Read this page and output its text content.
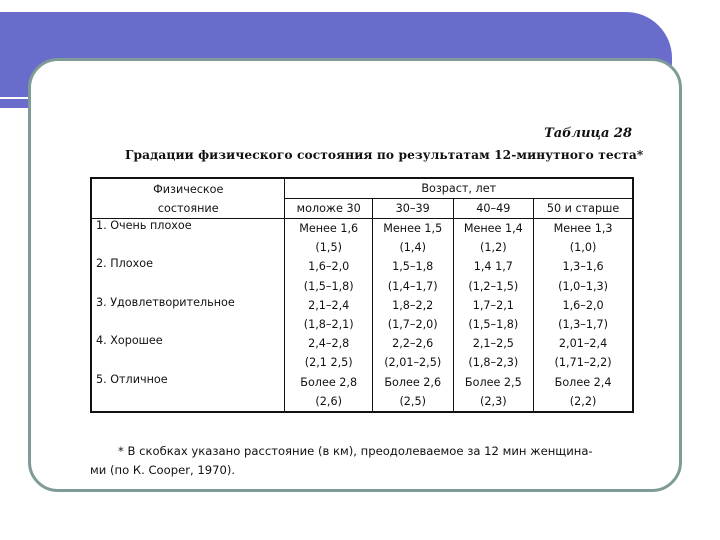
Таблица 28
Градации физического состояния по результатам 12-минутного теста*
Физическое
состояние	Возраст, лет			
	моложе 30	30–39	40–49	50 и старше
1. Очень плохое	Менее 1,6	Менее 1,5	Менее 1,4	Менее 1,3
	(1,5)	(1,4)	(1,2)	(1,0)
2. Плохое	1,6–2,0	1,5–1,8	1,4 1,7	1,3–1,6
	(1,5–1,8)	(1,4–1,7)	(1,2–1,5)	(1,0–1,3)
3. Удовлетворительное	2,1–2,4	1,8–2,2	1,7–2,1	1,6–2,0
	(1,8–2,1)	(1,7–2,0)	(1,5–1,8)	(1,3–1,7)
4. Хорошее	2,4–2,8	2,2–2,6	2,1–2,5	2,01–2,4
	(2,1 2,5)	(2,01–2,5)	(1,8–2,3)	(1,71–2,2)
5. Отличное	Более 2,8	Более 2,6	Более 2,5	Более 2,4
	(2,6)	(2,5)	(2,3)	(2,2)
* В скобках указано расстояние (в км), преодолеваемое за 12 мин женщина-
ми (по К. Cooper, 1970).
